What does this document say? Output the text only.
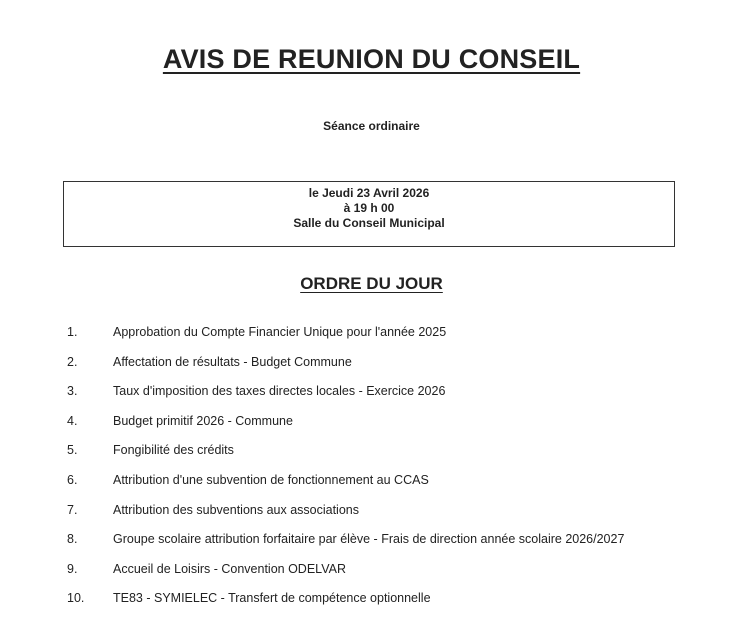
AVIS DE REUNION DU CONSEIL
Séance ordinaire
le Jeudi 23 Avril 2026
à 19 h 00
Salle du Conseil Municipal
ORDRE DU JOUR
1.	Approbation du Compte Financier Unique pour l'année 2025
2.	Affectation de résultats - Budget Commune
3.	Taux d'imposition des taxes directes locales - Exercice 2026
4.	Budget primitif 2026 - Commune
5.	Fongibilité des crédits
6.	Attribution d'une subvention de fonctionnement au CCAS
7.	Attribution des subventions aux associations
8.	Groupe scolaire attribution forfaitaire par élève - Frais de direction année scolaire 2026/2027
9.	Accueil de Loisirs - Convention ODELVAR
10. TE83 - SYMIELEC - Transfert de compétence optionnelle
